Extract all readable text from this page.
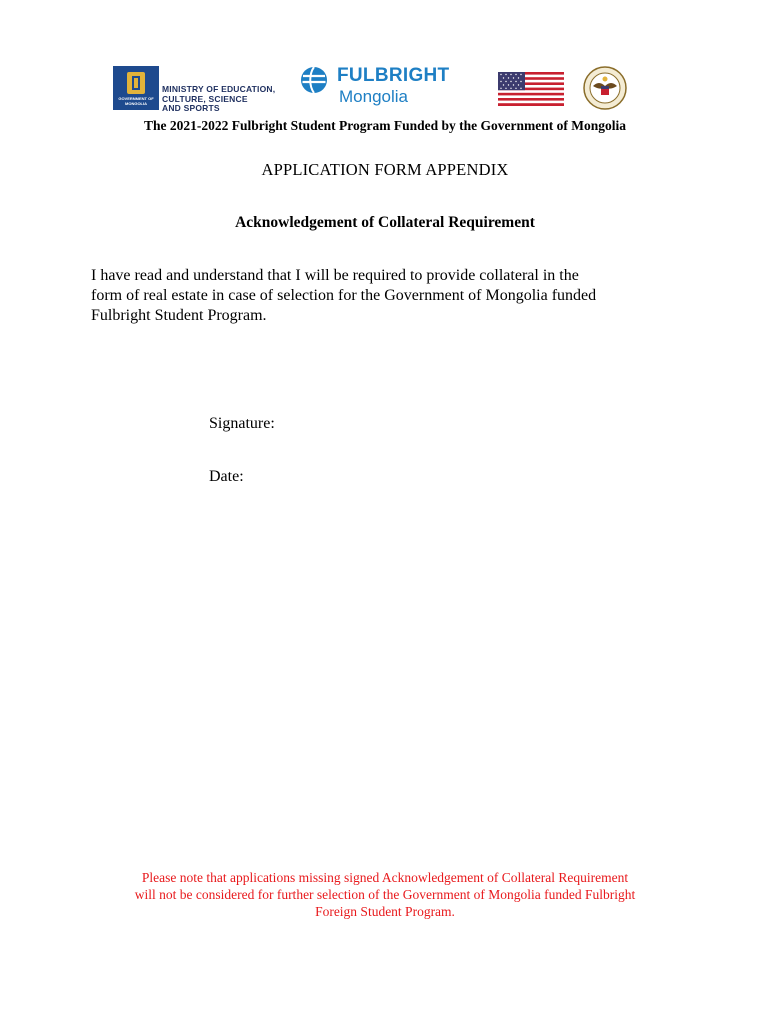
GOVERNMENT OF MONGOLIA
MINISTRY OF EDUCATION,
CULTURE, SCIENCE
AND SPORTS
FULBRIGHT
Mongolia
The 2021-2022 Fulbright Student Program Funded by the Government of Mongolia
APPLICATION FORM APPENDIX
Acknowledgement of Collateral Requirement
I have read and understand that I will be required to provide collateral in the
form of real estate in case of selection for the Government of Mongolia funded
Fulbright Student Program.
Signature:
Date:
Please note that applications missing signed Acknowledgement of Collateral Requirement
will not be considered for further selection of the Government of Mongolia funded Fulbright
Foreign Student Program.
